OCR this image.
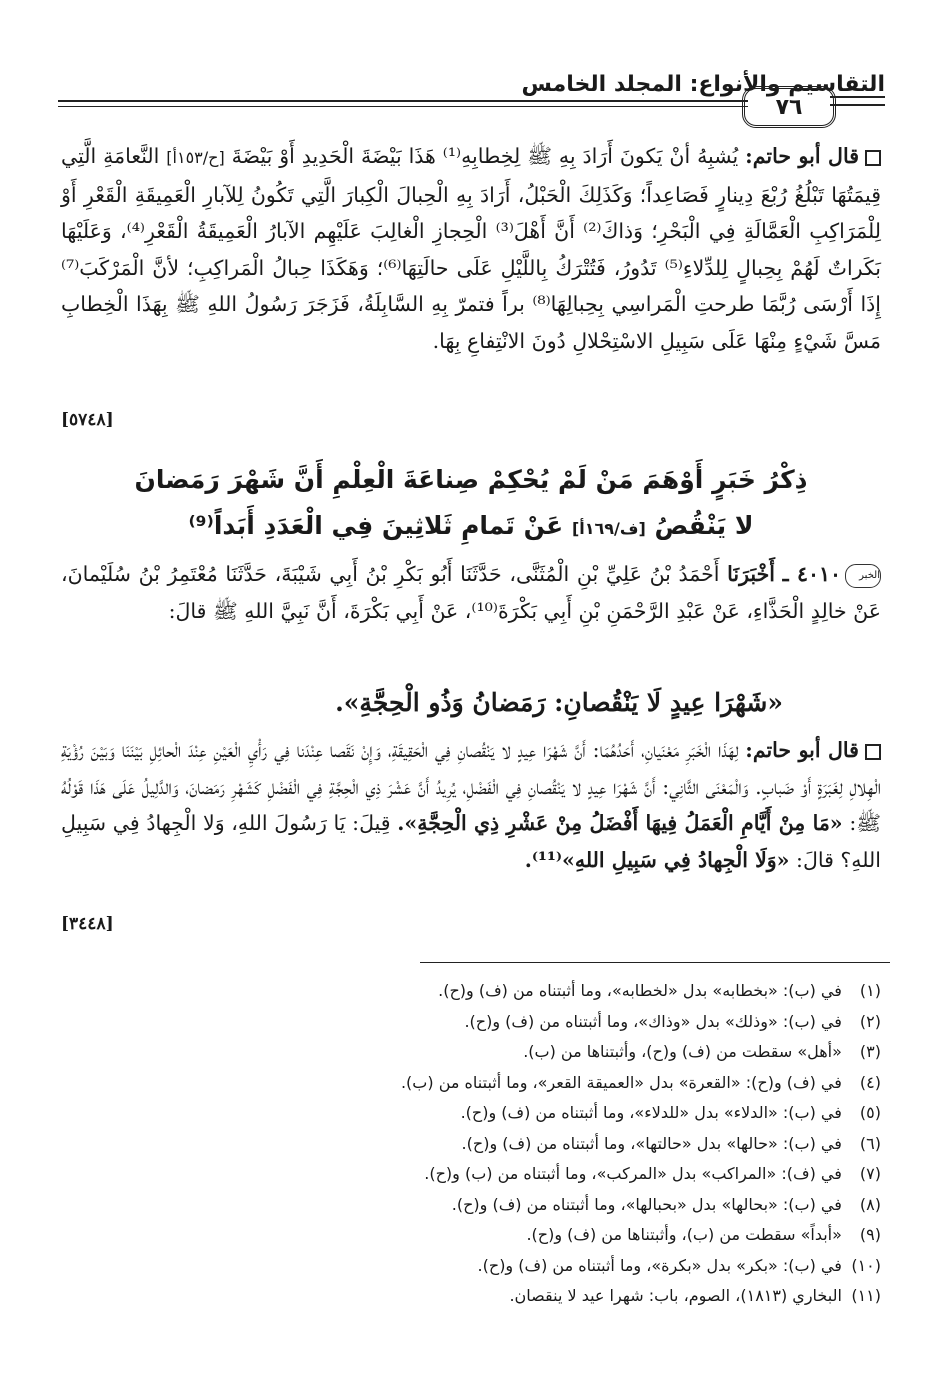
التقاسيم والأنواع: المجلد الخامس
٧٦
قال أبو حاتم: يُشبِهُ أنْ يَكونَ أَرَادَ بِهِ ﷺ لِخِطابِهِ⁽¹⁾ هَذَا بَيْضَةَ الْحَدِيدِ أَوْ بَيْضَةَ [ح/١٥٣أ] النَّعامَةِ الَّتِي قِيمَتُهَا تَبْلُغُ رُبْعَ دِينارٍ فَصَاعِداً؛ وَكَذَلِكَ الْحَبْلُ، أَرَادَ بِهِ الْحِبالَ الْكِبارَ الَّتِي تَكُونُ لِلآبارِ الْعَمِيقَةِ الْقَعْرِ أَوْ لِلْمَرَاكِبِ الْعَمَّالَةِ فِي الْبَحْرِ؛ وَذاكَ⁽²⁾ أَنَّ أَهْلَ⁽³⁾ الْحِجازِ الْغالِبَ عَلَيْهِم الآبارُ الْعَمِيقَةُ الْقَعْرِ⁽⁴⁾، وَعَلَيْهَا بَكَراتٌ لَهُمْ بِحِبالٍ لِلدِّلاءِ⁽⁵⁾ تَدُورُ، فَتُتْرَكُ بِاللَّيْلِ عَلَى حالَتِهَا⁽⁶⁾؛ وَهَكَذَا حِبالُ الْمَراكِبِ؛ لأنَّ الْمَرْكَبَ⁽⁷⁾ إِذَا أَرْسَى رُبَّمَا طرحتِ الْمَراسِي بِحِبالِهَا⁽⁸⁾ براً فتمرّ بِهِ السَّابِلَةُ، فَزَجَرَ رَسُولُ اللهِ ﷺ بِهَذَا الْخِطابِ مَسَّ شَيْءٍ مِنْهَا عَلَى سَبِيلِ الاسْتِحْلالِ دُونَ الانْتِفاعِ بِهَا.
[٥٧٤٨]
ذِكْرُ خَبَرٍ أَوْهَمَ مَنْ لَمْ يُحْكِمْ صِناعَةَ الْعِلْمِ أَنَّ شَهْرَ رَمَضانَ
لا يَنْقُصُ [ف/١٦٩أ] عَنْ تَمامِ ثَلاثِينَ فِي الْعَدَدِ أَبَداً⁽⁹⁾
الخبر٤٠١٠ ـ أَخْبَرَنَا أَحْمَدُ بْنُ عَلِيِّ بْنِ الْمُثَنَّى، حَدَّثَنَا أَبُو بَكْرِ بْنُ أَبِي شَيْبَةَ، حَدَّثَنَا مُعْتَمِرُ بْنُ سُلَيْمانَ، عَنْ خالِدٍ الْحَذَّاءِ، عَنْ عَبْدِ الرَّحْمَنِ بْنِ أَبِي بَكْرَةَ⁽¹⁰⁾، عَنْ أَبِي بَكْرَةَ، أَنَّ نَبِيَّ اللهِ ﷺ قالَ:
«شَهْرَا عِيدٍ لَا يَنْقُصانِ: رَمَضانُ وَذُو الْحِجَّةِ».
قال أبو حاتم: لِهَذَا الْخَبَرِ مَعْنَيانِ، أَحَدُهُمَا: أَنَّ شَهْرَا عِيدٍ لا يَنْقُصانِ فِي الْحَقِيقَةِ، وَإِنْ نَقَصا عِنْدَنا فِي رَأْيِ الْعَيْنِ عِنْدَ الْحائِلِ بَيْنَنَا وَبَيْنَ رُؤْيَةِ الْهِلالِ لِغَبَرَةٍ أَوْ ضَبابٍ. وَالْمَعْنَى الثَّانِي: أَنَّ شَهْرَا عِيدٍ لا يَنْقُصانِ فِي الْفَضْلِ، يُرِيدُ أَنَّ عَشْرَ ذِي الْحِجَّةِ فِي الْفَضْلِ كَشَهْرِ رَمَضانَ، وَالدَّلِيلُ عَلَى هَذَا قَوْلُهُ ﷺ: «مَا مِنْ أَيَّامِ الْعَمَلُ فِيهَا أَفْضَلُ مِنْ عَشْرِ ذِي الْحِجَّةِ». قِيلَ: يَا رَسُولَ اللهِ، وَلا الْجِهادُ فِي سَبِيلِ اللهِ؟ قالَ: «وَلَا الْجِهادُ فِي سَبِيلِ اللهِ»⁽¹¹⁾.
[٣٤٤٨]
(١) في (ب): «بخطابه» بدل «لخطابه»، وما أثبتناه من (ف) و(ح).
(٢) في (ب): «وذلك» بدل «وذاك»، وما أثبتناه من (ف) و(ح).
(٣) «أهل» سقطت من (ف) و(ح)، وأثبتناها من (ب).
(٤) في (ف) و(ح): «القعرة» بدل «العميقة القعر»، وما أثبتناه من (ب).
(٥) في (ب): «الدلاء» بدل «للدلاء»، وما أثبتناه من (ف) و(ح).
(٦) في (ب): «حالها» بدل «حالتها»، وما أثبتناه من (ف) و(ح).
(٧) في (ف): «المراكب» بدل «المركب»، وما أثبتناه من (ب) و(ح).
(٨) في (ب): «بحالها» بدل «بحبالها»، وما أثبتناه من (ف) و(ح).
(٩) «أبداً» سقطت من (ب)، وأثبتناها من (ف) و(ح).
(١٠) في (ب): «بكر» بدل «بكرة»، وما أثبتناه من (ف) و(ح).
(١١) البخاري (١٨١٣)، الصوم، باب: شهرا عيد لا ينقصان.
